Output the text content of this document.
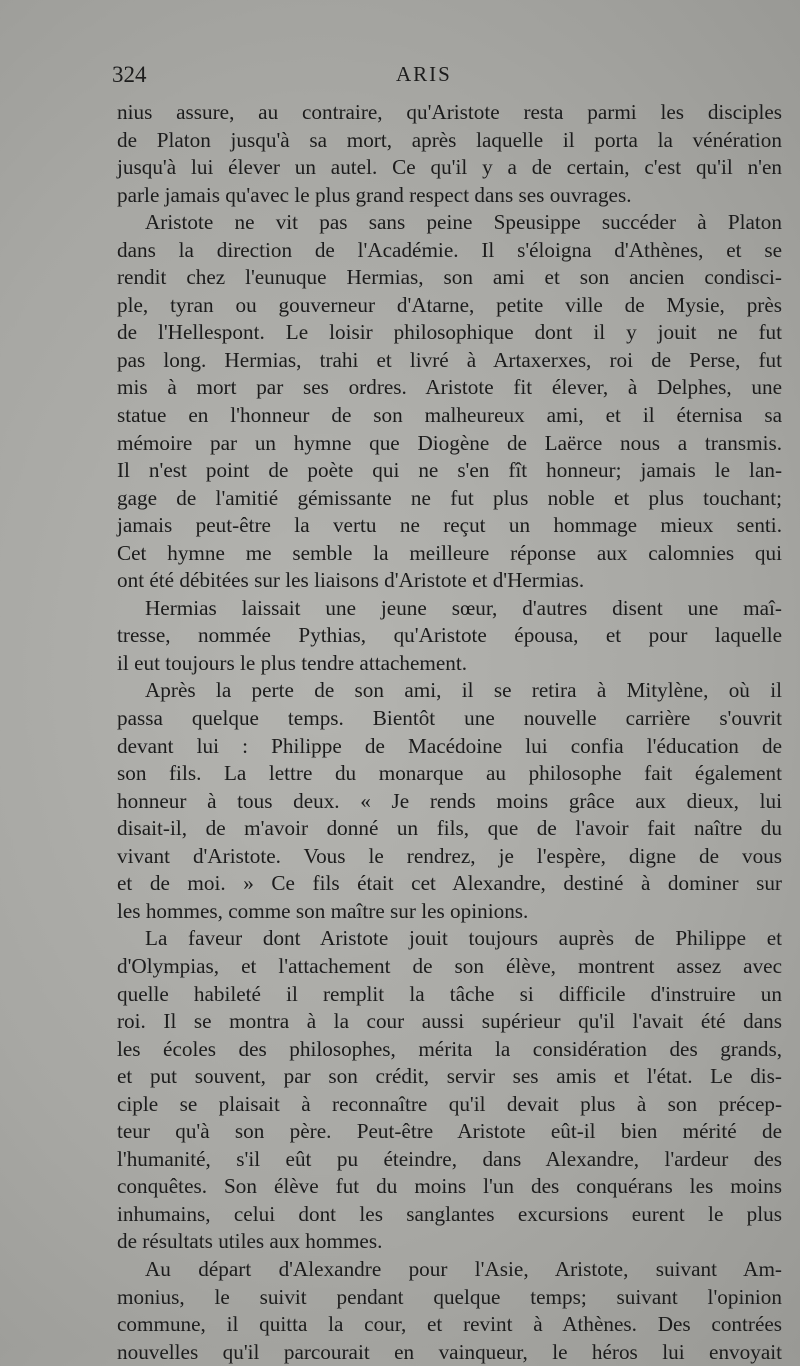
324	ARIS
nius assure, au contraire, qu'Aristote resta parmi les disciples
de Platon jusqu'à sa mort, après laquelle il porta la vénération
jusqu'à lui élever un autel. Ce qu'il y a de certain, c'est qu'il n'en
parle jamais qu'avec le plus grand respect dans ses ouvrages.
Aristote ne vit pas sans peine Speusippe succéder à Platon
dans la direction de l'Académie. Il s'éloigna d'Athènes, et se
rendit chez l'eunuque Hermias, son ami et son ancien condisci-
ple, tyran ou gouverneur d'Atarne, petite ville de Mysie, près
de l'Hellespont. Le loisir philosophique dont il y jouit ne fut
pas long. Hermias, trahi et livré à Artaxerxes, roi de Perse, fut
mis à mort par ses ordres. Aristote fit élever, à Delphes, une
statue en l'honneur de son malheureux ami, et il éternisa sa
mémoire par un hymne que Diogène de Laërce nous a transmis.
Il n'est point de poète qui ne s'en fît honneur; jamais le lan-
gage de l'amitié gémissante ne fut plus noble et plus touchant;
jamais peut-être la vertu ne reçut un hommage mieux senti.
Cet hymne me semble la meilleure réponse aux calomnies qui
ont été débitées sur les liaisons d'Aristote et d'Hermias.
Hermias laissait une jeune sœur, d'autres disent une maî-
tresse, nommée Pythias, qu'Aristote épousa, et pour laquelle
il eut toujours le plus tendre attachement.
Après la perte de son ami, il se retira à Mitylène, où il
passa quelque temps. Bientôt une nouvelle carrière s'ouvrit
devant lui : Philippe de Macédoine lui confia l'éducation de
son fils. La lettre du monarque au philosophe fait également
honneur à tous deux. « Je rends moins grâce aux dieux, lui
disait-il, de m'avoir donné un fils, que de l'avoir fait naître du
vivant d'Aristote. Vous le rendrez, je l'espère, digne de vous
et de moi. » Ce fils était cet Alexandre, destiné à dominer sur
les hommes, comme son maître sur les opinions.
La faveur dont Aristote jouit toujours auprès de Philippe et
d'Olympias, et l'attachement de son élève, montrent assez avec
quelle habileté il remplit la tâche si difficile d'instruire un
roi. Il se montra à la cour aussi supérieur qu'il l'avait été dans
les écoles des philosophes, mérita la considération des grands,
et put souvent, par son crédit, servir ses amis et l'état. Le dis-
ciple se plaisait à reconnaître qu'il devait plus à son précep-
teur qu'à son père. Peut-être Aristote eût-il bien mérité de
l'humanité, s'il eût pu éteindre, dans Alexandre, l'ardeur des
conquêtes. Son élève fut du moins l'un des conquérans les moins
inhumains, celui dont les sanglantes excursions eurent le plus
de résultats utiles aux hommes.
Au départ d'Alexandre pour l'Asie, Aristote, suivant Am-
monius, le suivit pendant quelque temps; suivant l'opinion
commune, il quitta la cour, et revint à Athènes. Des contrées
nouvelles qu'il parcourait en vainqueur, le héros lui envoyait
